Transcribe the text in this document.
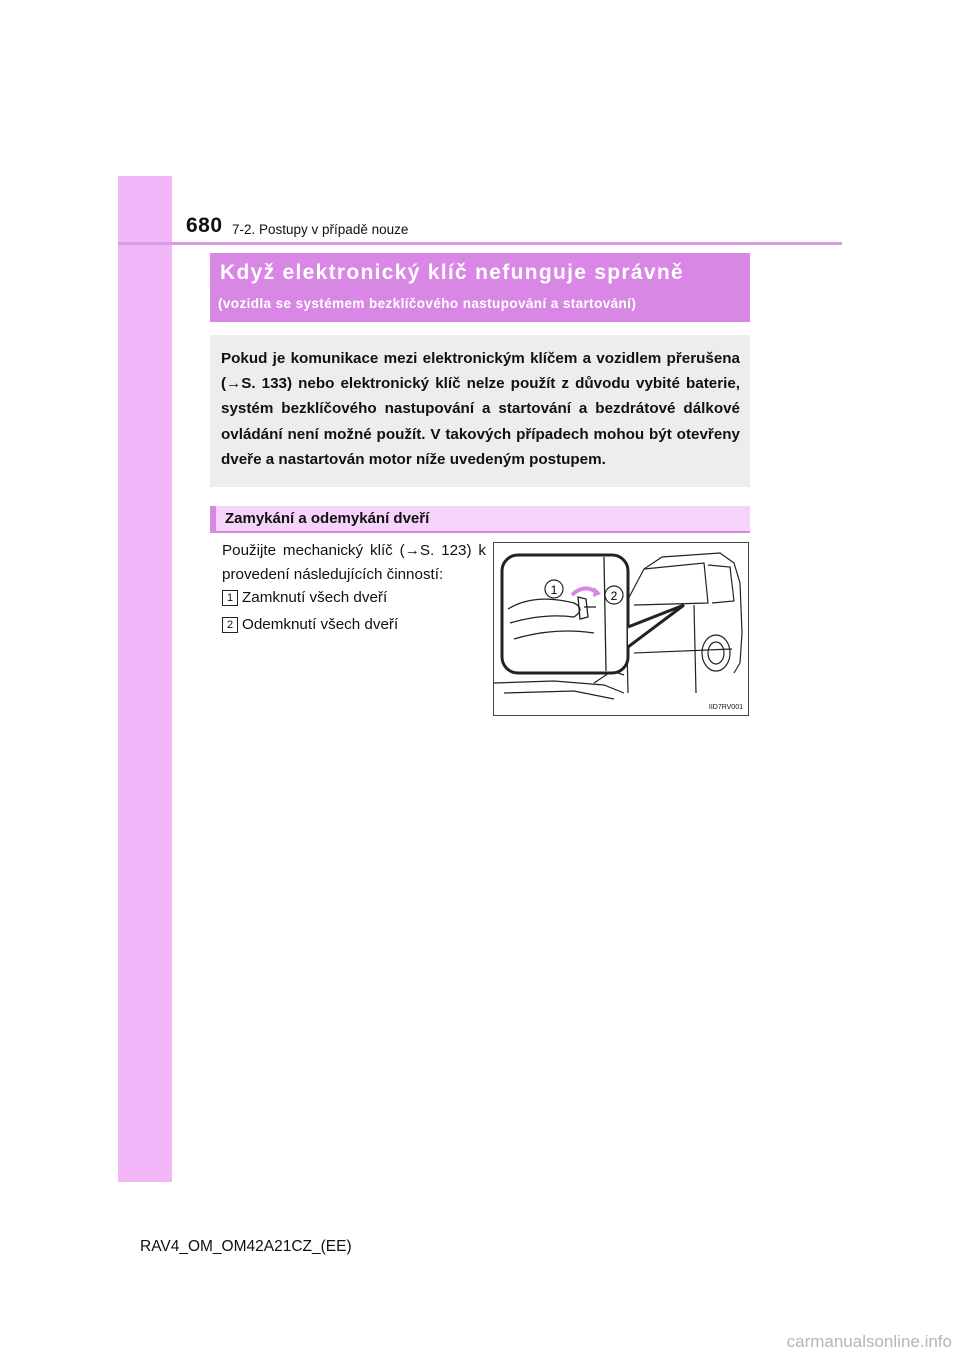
680 7-2. Postupy v případě nouze
Když elektronický klíč nefunguje správně
(vozidla se systémem bezklíčového nastupování a startování)
Pokud je komunikace mezi elektronickým klíčem a vozidlem přerušena (→S. 133) nebo elektronický klíč nelze použít z důvodu vybité baterie, systém bezklíčového nastupování a startování a bezdrátové dálkové ovládání není možné použít. V takových případech mohou být otevřeny dveře a nastartován motor níže uvedeným postupem.
Zamykání a odemykání dveří
Použijte mechanický klíč (→S. 123) k provedení následujících činností:
1 Zamknutí všech dveří
2 Odemknutí všech dveří
1	2
IID7RV001
RAV4_OM_OM42A21CZ_(EE)
carmanualsonline.info
